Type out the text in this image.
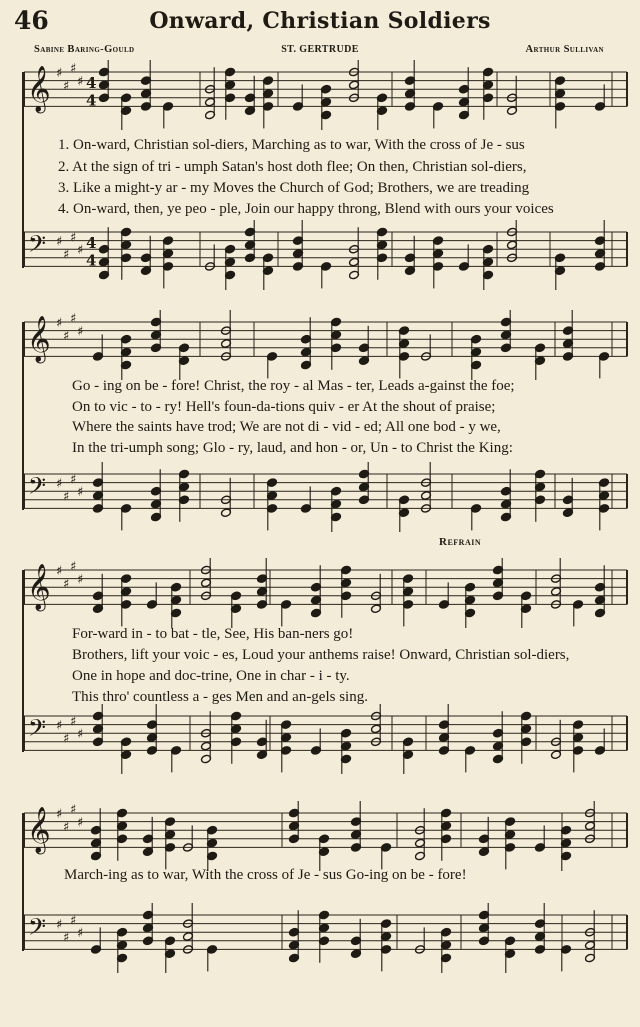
46	Onward, Christian Soldiers
Sabine Baring-Gould	ST. GERTRUDE	Arthur Sullivan
Refrain
𝄞 ♯
♯
♯
♯ 4
4
𝄢 ♯
♯
♯
♯ 4
4
𝄞 ♯
♯
♯
♯
𝄢 ♯
♯
♯
♯
𝄞 ♯
♯
♯
♯
𝄢 ♯
♯
♯
♯
𝄞 ♯
♯
♯
♯
𝄢 ♯
♯
♯
♯
1. On-ward, Christian sol-diers, Marching as to war, With the cross of Je - sus
2. At the sign of tri - umph Satan's host doth flee; On then, Christian sol-diers,
3. Like a might-y ar - my Moves the Church of God; Brothers, we are treading
4. On-ward, then, ye peo - ple, Join our happy throng, Blend with ours your voices
Go - ing on be - fore! Christ, the roy - al Mas - ter, Leads a-gainst the foe;
On to vic - to - ry! Hell's foun-da-tions quiv - er At the shout of praise;
Where the saints have trod; We are not di - vid - ed; All one bod - y we,
In the tri-umph song; Glo - ry, laud, and hon - or, Un - to Christ the King:
For-ward in - to bat - tle, See, His ban-ners go!
Brothers, lift your voic - es, Loud your anthems raise! Onward, Christian sol-diers,
One in hope and doc-trine, One in char - i - ty.
This thro' countless a - ges Men and an-gels sing.
March-ing as to war, With the cross of Je - sus Go-ing on be - fore!
